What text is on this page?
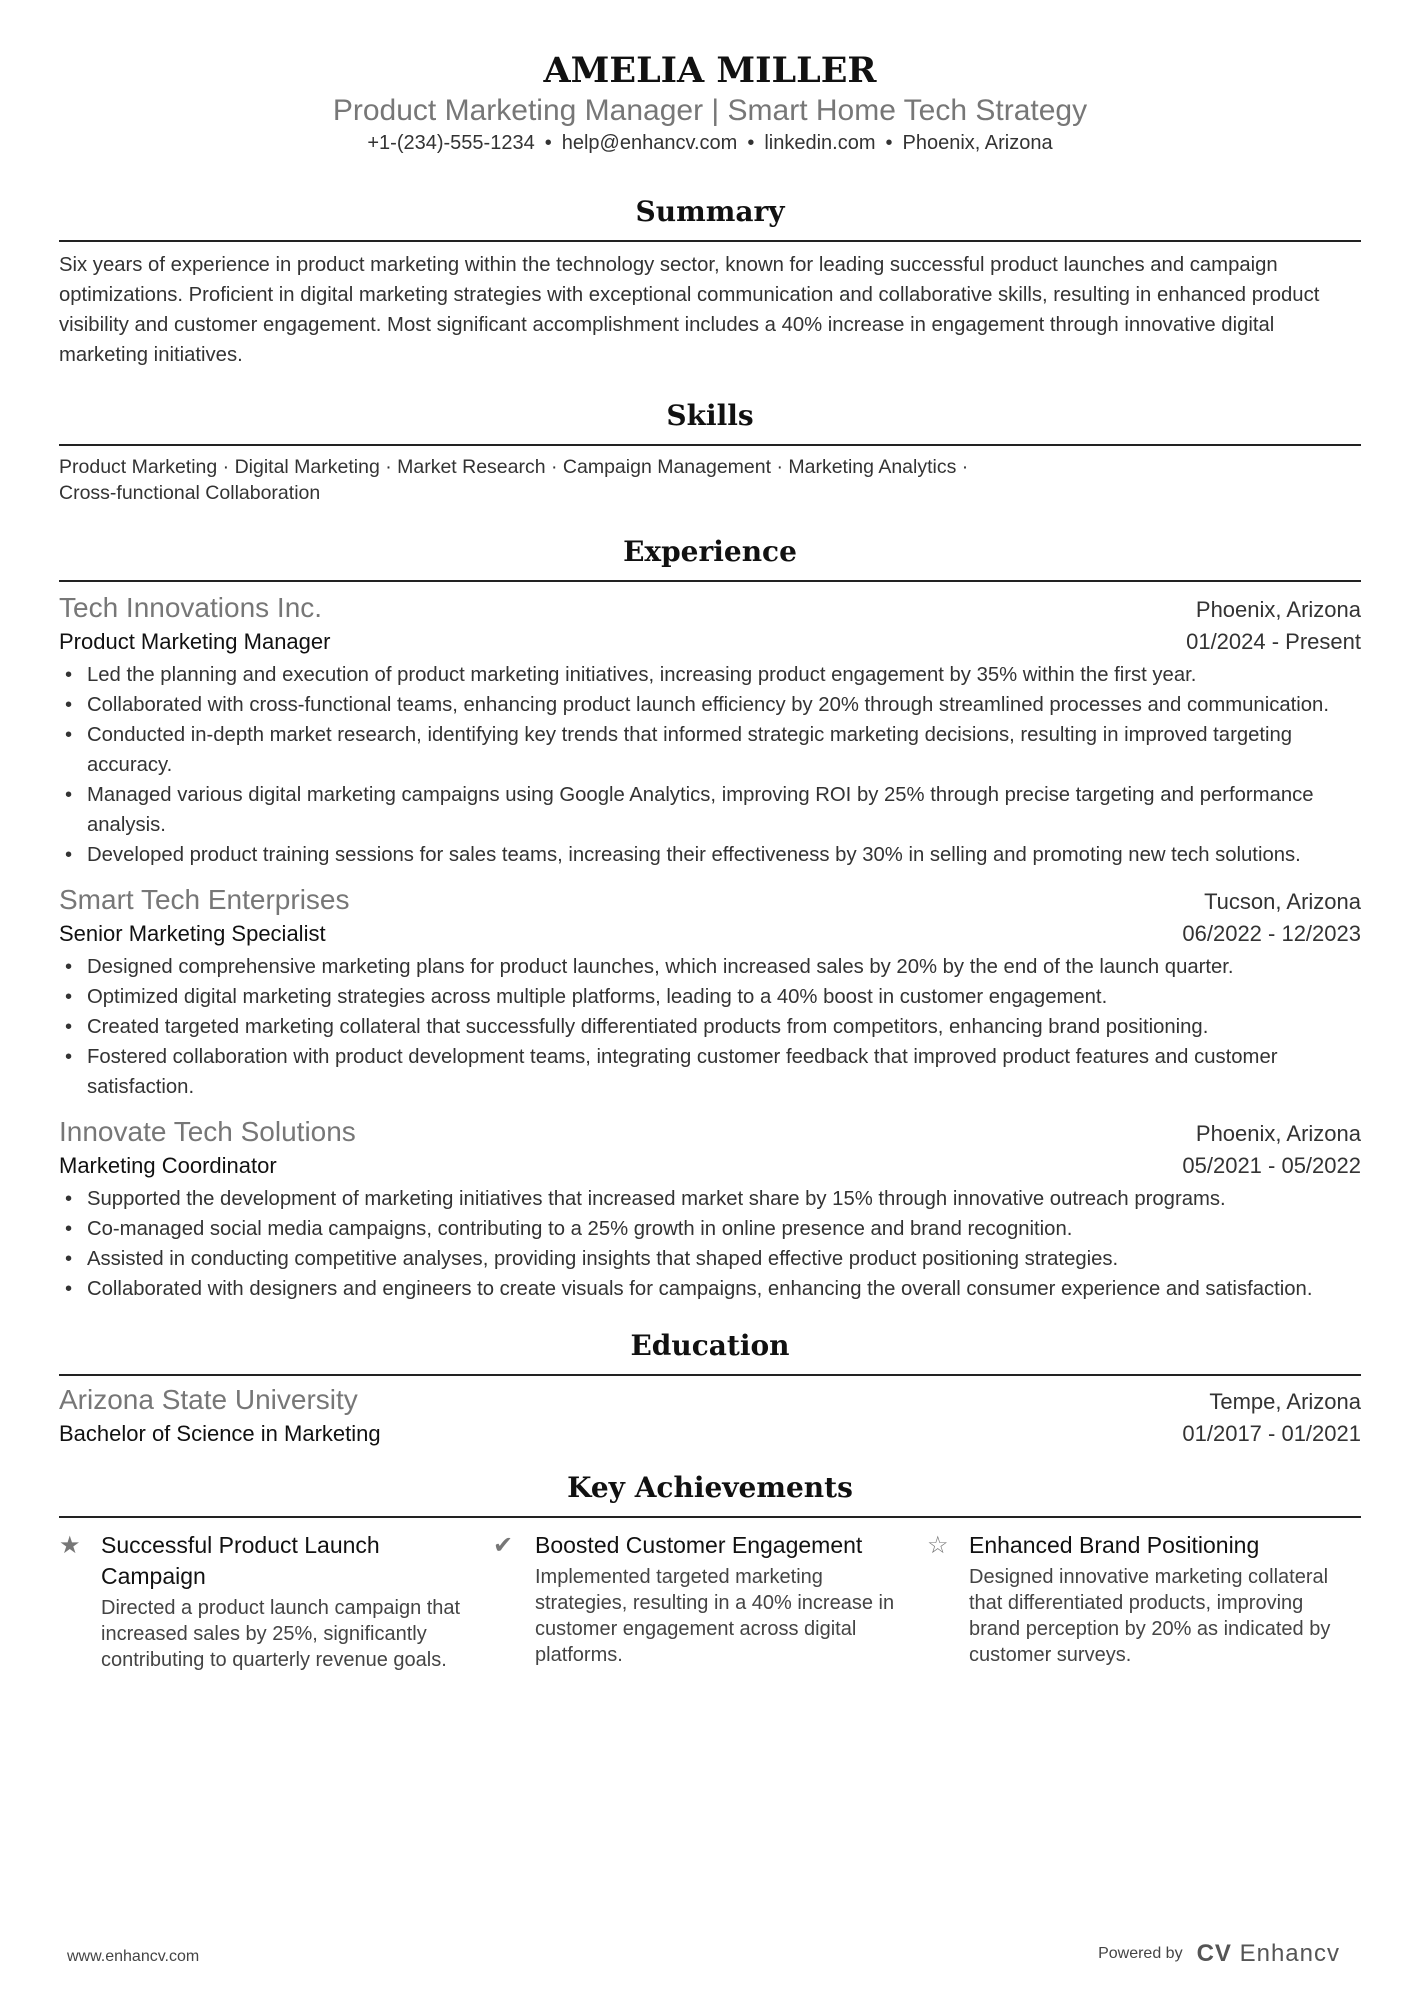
AMELIA MILLER
Product Marketing Manager | Smart Home Tech Strategy
+1-(234)-555-1234 • help@enhancv.com • linkedin.com • Phoenix, Arizona
Summary
Six years of experience in product marketing within the technology sector, known for leading successful product launches and campaign optimizations. Proficient in digital marketing strategies with exceptional communication and collaborative skills, resulting in enhanced product visibility and customer engagement. Most significant accomplishment includes a 40% increase in engagement through innovative digital marketing initiatives.
Skills
Product Marketing · Digital Marketing · Market Research · Campaign Management · Marketing Analytics ·
Cross-functional Collaboration
Experience
Tech Innovations Inc.	Phoenix, Arizona
Product Marketing Manager	01/2024 - Present
• Led the planning and execution of product marketing initiatives, increasing product engagement by 35% within the first year.
• Collaborated with cross-functional teams, enhancing product launch efficiency by 20% through streamlined processes and communication.
• Conducted in-depth market research, identifying key trends that informed strategic marketing decisions, resulting in improved targeting accuracy.
• Managed various digital marketing campaigns using Google Analytics, improving ROI by 25% through precise targeting and performance analysis.
• Developed product training sessions for sales teams, increasing their effectiveness by 30% in selling and promoting new tech solutions.
Smart Tech Enterprises	Tucson, Arizona
Senior Marketing Specialist	06/2022 - 12/2023
• Designed comprehensive marketing plans for product launches, which increased sales by 20% by the end of the launch quarter.
• Optimized digital marketing strategies across multiple platforms, leading to a 40% boost in customer engagement.
• Created targeted marketing collateral that successfully differentiated products from competitors, enhancing brand positioning.
• Fostered collaboration with product development teams, integrating customer feedback that improved product features and customer satisfaction.
Innovate Tech Solutions	Phoenix, Arizona
Marketing Coordinator	05/2021 - 05/2022
• Supported the development of marketing initiatives that increased market share by 15% through innovative outreach programs.
• Co-managed social media campaigns, contributing to a 25% growth in online presence and brand recognition.
• Assisted in conducting competitive analyses, providing insights that shaped effective product positioning strategies.
• Collaborated with designers and engineers to create visuals for campaigns, enhancing the overall consumer experience and satisfaction.
Education
Arizona State University	Tempe, Arizona
Bachelor of Science in Marketing	01/2017 - 01/2021
Key Achievements
★ Successful Product Launch Campaign
Directed a product launch campaign that increased sales by 25%, significantly contributing to quarterly revenue goals.
✔ Boosted Customer Engagement
Implemented targeted marketing strategies, resulting in a 40% increase in customer engagement across digital platforms.
☆ Enhanced Brand Positioning
Designed innovative marketing collateral that differentiated products, improving brand perception by 20% as indicated by customer surveys.
www.enhancv.com	Powered by CV Enhancv
